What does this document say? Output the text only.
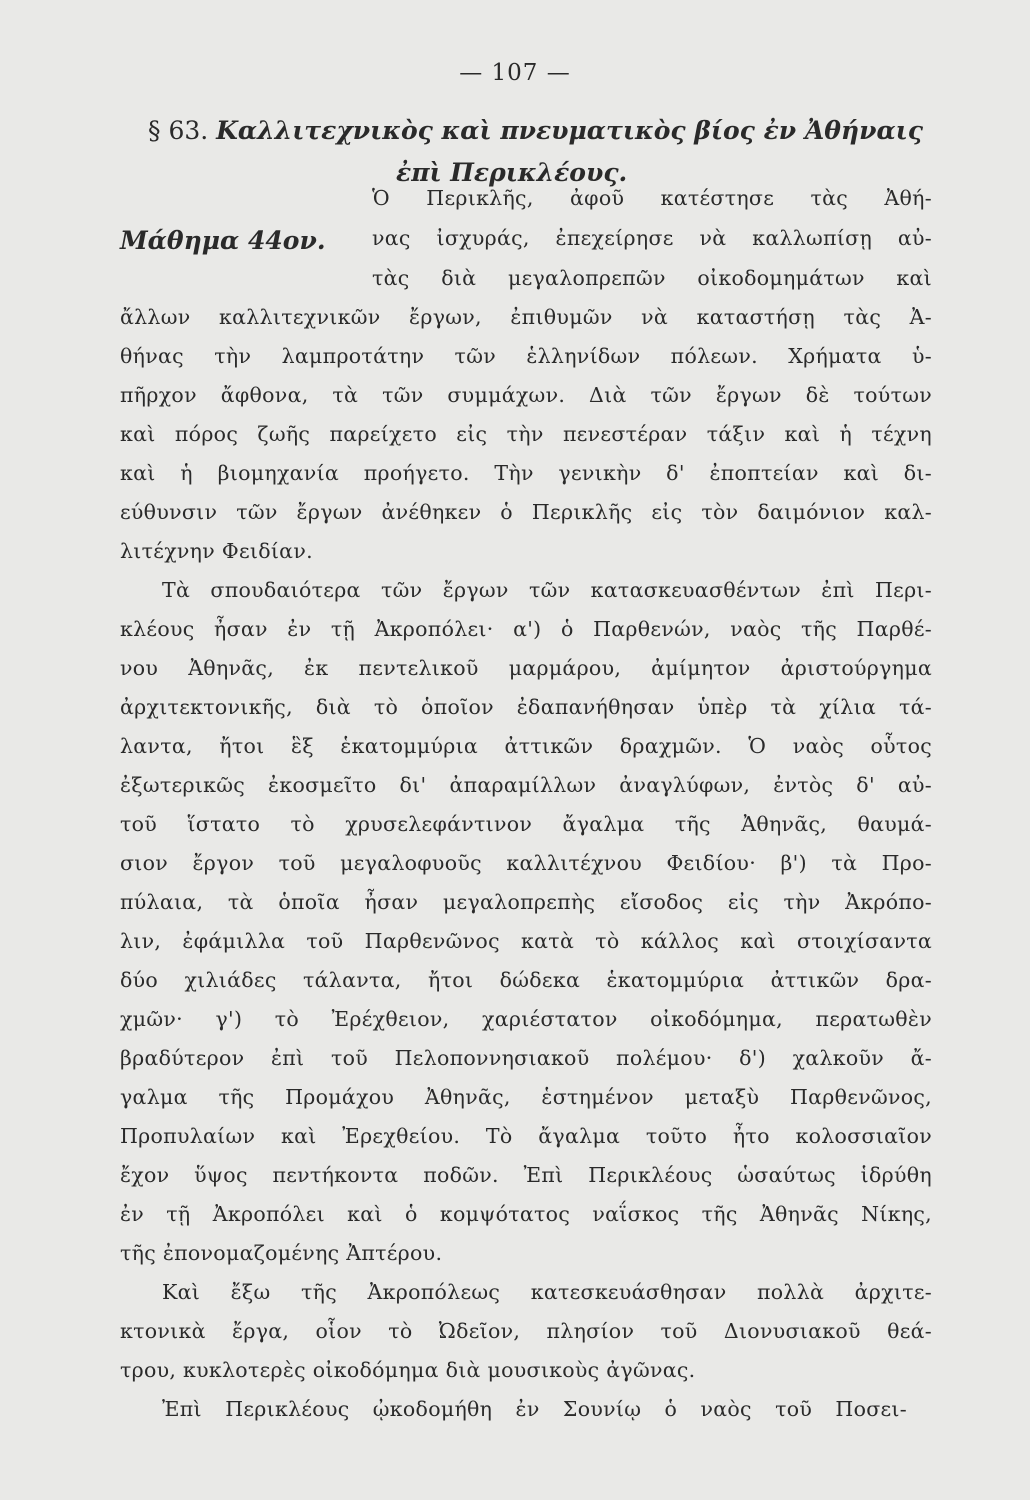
— 107 —
§ 63. Καλλιτεχνικὸς καὶ πνευματικὸς βίος ἐν Ἀθήναις
ἐπὶ Περικλέους.
Μάθημα 44ον.
Ὁ Περικλῆς, ἀφοῦ κατέστησε τὰς Ἀθή-
νας ἰσχυράς, ἐπεχείρησε νὰ καλλωπίσῃ αὐ-
τὰς διὰ μεγαλοπρεπῶν οἰκοδομημάτων καὶ
ἄλλων καλλιτεχνικῶν ἔργων, ἐπιθυμῶν νὰ καταστήσῃ τὰς Ἀ-
θήνας τὴν λαμπροτάτην τῶν ἑλληνίδων πόλεων. Χρήματα ὑ-
πῆρχον ἄφθονα, τὰ τῶν συμμάχων. Διὰ τῶν ἔργων δὲ τούτων
καὶ πόρος ζωῆς παρείχετο εἰς τὴν πενεστέραν τάξιν καὶ ἡ τέχνη
καὶ ἡ βιομηχανία προήγετο. Τὴν γενικὴν δ' ἐποπτείαν καὶ δι-
εύθυνσιν τῶν ἔργων ἀνέθηκεν ὁ Περικλῆς εἰς τὸν δαιμόνιον καλ-
λιτέχνην Φειδίαν.
Τὰ σπουδαιότερα τῶν ἔργων τῶν κατασκευασθέντων ἐπὶ Περι-
κλέους ἦσαν ἐν τῇ Ἀκροπόλει· α') ὁ Παρθενών, ναὸς τῆς Παρθέ-
νου Ἀθηνᾶς, ἐκ πεντελικοῦ μαρμάρου, ἀμίμητον ἀριστούργημα
ἀρχιτεκτονικῆς, διὰ τὸ ὁποῖον ἐδαπανήθησαν ὑπὲρ τὰ χίλια τά-
λαντα, ἤτοι ἓξ ἑκατομμύρια ἀττικῶν δραχμῶν. Ὁ ναὸς οὗτος
ἐξωτερικῶς ἐκοσμεῖτο δι' ἀπαραμίλλων ἀναγλύφων, ἐντὸς δ' αὐ-
τοῦ ἵστατο τὸ χρυσελεφάντινον ἄγαλμα τῆς Ἀθηνᾶς, θαυμά-
σιον ἔργον τοῦ μεγαλοφυοῦς καλλιτέχνου Φειδίου· β') τὰ Προ-
πύλαια, τὰ ὁποῖα ἦσαν μεγαλοπρεπὴς εἴσοδος εἰς τὴν Ἀκρόπο-
λιν, ἐφάμιλλα τοῦ Παρθενῶνος κατὰ τὸ κάλλος καὶ στοιχίσαντα
δύο χιλιάδες τάλαντα, ἤτοι δώδεκα ἑκατομμύρια ἀττικῶν δρα-
χμῶν· γ') τὸ Ἐρέχθειον, χαριέστατον οἰκοδόμημα, περατωθὲν
βραδύτερον ἐπὶ τοῦ Πελοποννησιακοῦ πολέμου· δ') χαλκοῦν ἄ-
γαλμα τῆς Προμάχου Ἀθηνᾶς, ἑστημένον μεταξὺ Παρθενῶνος,
Προπυλαίων καὶ Ἐρεχθείου. Τὸ ἄγαλμα τοῦτο ἦτο κολοσσιαῖον
ἔχον ὕψος πεντήκοντα ποδῶν. Ἐπὶ Περικλέους ὡσαύτως ἱδρύθη
ἐν τῇ Ἀκροπόλει καὶ ὁ κομψότατος ναΐσκος τῆς Ἀθηνᾶς Νίκης,
τῆς ἐπονομαζομένης Ἀπτέρου.
Καὶ ἔξω τῆς Ἀκροπόλεως κατεσκευάσθησαν πολλὰ ἀρχιτε-
κτονικὰ ἔργα, οἷον τὸ Ὠδεῖον, πλησίον τοῦ Διονυσιακοῦ θεά-
τρου, κυκλοτερὲς οἰκοδόμημα διὰ μουσικοὺς ἀγῶνας.
Ἐπὶ Περικλέους ᾠκοδομήθη ἐν Σουνίῳ ὁ ναὸς τοῦ Ποσει-
